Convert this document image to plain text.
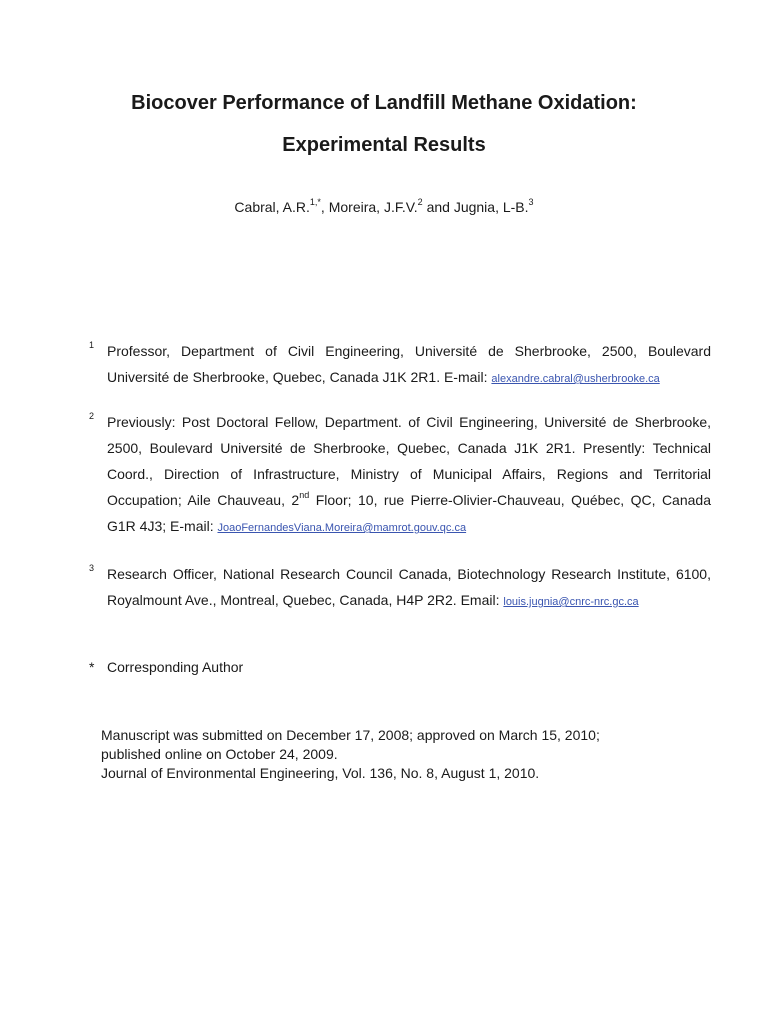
Biocover Performance of Landfill Methane Oxidation:
Experimental Results

Cabral, A.R.$^{1,*}$, Moreira, J.F.V.$^2$ and Jugnia, L-B.$^3$

1 Professor, Department of Civil Engineering, Université de Sherbrooke, 2500, Boulevard Université de Sherbrooke, Quebec, Canada J1K 2R1. E-mail: alexandre.cabral@usherbrooke.ca

2 Previously: Post Doctoral Fellow, Department. of Civil Engineering, Université de Sherbrooke, 2500, Boulevard Université de Sherbrooke, Quebec, Canada J1K 2R1. Presently: Technical Coord., Direction of Infrastructure, Ministry of Municipal Affairs, Regions and Territorial Occupation; Aile Chauveau, 2nd Floor; 10, rue Pierre-Olivier-Chauveau, Québec, QC, Canada G1R 4J3; E-mail: JoaoFernandesViana.Moreira@mamrot.gouv.qc.ca

3 Research Officer, National Research Council Canada, Biotechnology Research Institute, 6100, Royalmount Ave., Montreal, Quebec, Canada, H4P 2R2. Email: louis.jugnia@cnrc-nrc.gc.ca

* Corresponding Author

Manuscript was submitted on December 17, 2008; approved on March 15, 2010;
published online on October 24, 2009.
Journal of Environmental Engineering, Vol. 136, No. 8, August 1, 2010.
